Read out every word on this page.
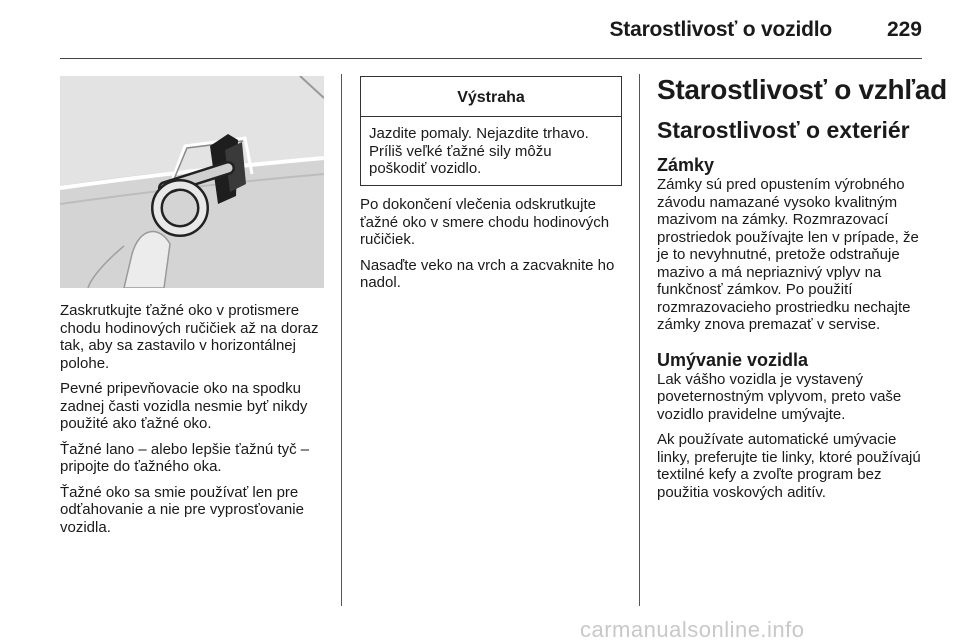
Starostlivosť o vozidlo	229

Zaskrutkujte ťažné oko v protismere chodu hodinových ručičiek až na doraz tak, aby sa zastavilo v horizontálnej polohe.

Pevné pripevňovacie oko na spodku zadnej časti vozidla nesmie byť nikdy použité ako ťažné oko.

Ťažné lano – alebo lepšie ťažnú tyč – pripojte do ťažného oka.

Ťažné oko sa smie používať len pre odťahovanie a nie pre vyprosťovanie vozidla.

Výstraha
Jazdite pomaly. Nejazdite trhavo. Príliš veľké ťažné sily môžu poškodiť vozidlo.

Po dokončení vlečenia odskrutkujte ťažné oko v smere chodu hodinových ručičiek.

Nasaďte veko na vrch a zacvaknite ho nadol.

Starostlivosť o vzhľad
Starostlivosť o exteriér
Zámky

Zámky sú pred opustením výrobného závodu namazané vysoko kvalitným mazivom na zámky. Rozmrazovací prostriedok používajte len v prípade, že je to nevyhnutné, pretože odstraňuje mazivo a má nepriaznivý vplyv na funkčnosť zámkov. Po použití rozmrazovacieho prostriedku nechajte zámky znova premazať v servise.

Umývanie vozidla

Lak vášho vozidla je vystavený poveternostným vplyvom, preto vaše vozidlo pravidelne umývajte.

Ak používate automatické umývacie linky, preferujte tie linky, ktoré používajú textilné kefy a zvoľte program bez použitia voskových aditív.

carmanualsonline.info
